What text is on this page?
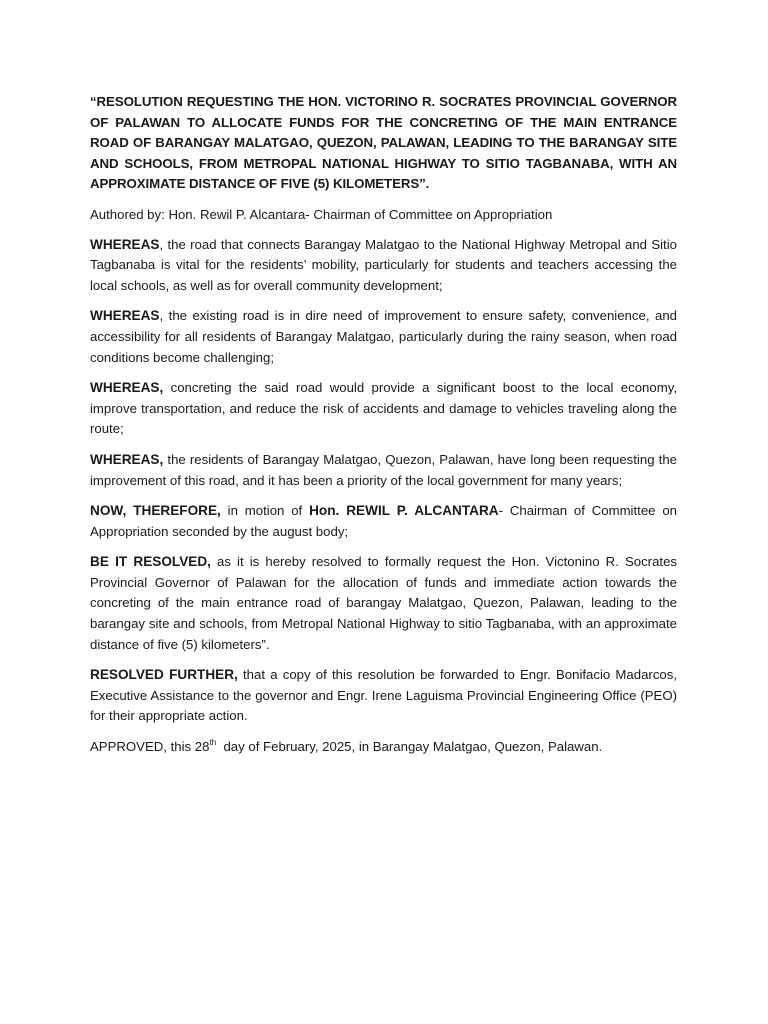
“RESOLUTION REQUESTING THE HON. VICTORINO R. SOCRATES PROVINCIAL GOVERNOR OF PALAWAN TO ALLOCATE FUNDS FOR THE CONCRETING OF THE MAIN ENTRANCE ROAD OF BARANGAY MALATGAO, QUEZON, PALAWAN, LEADING TO THE BARANGAY SITE AND SCHOOLS, FROM METROPAL NATIONAL HIGHWAY TO SITIO TAGBANABA, WITH AN APPROXIMATE DISTANCE OF FIVE (5) KILOMETERS”.

Authored by: Hon. Rewil P. Alcantara- Chairman of Committee on Appropriation

WHEREAS, the road that connects Barangay Malatgao to the National Highway Metropal and Sitio Tagbanaba is vital for the residents’ mobility, particularly for students and teachers accessing the local schools, as well as for overall community development;

WHEREAS, the existing road is in dire need of improvement to ensure safety, convenience, and accessibility for all residents of Barangay Malatgao, particularly during the rainy season, when road conditions become challenging;

WHEREAS, concreting the said road would provide a significant boost to the local economy, improve transportation, and reduce the risk of accidents and damage to vehicles traveling along the route;

WHEREAS, the residents of Barangay Malatgao, Quezon, Palawan, have long been requesting the improvement of this road, and it has been a priority of the local government for many years;

NOW, THEREFORE, in motion of Hon. REWIL P. ALCANTARA- Chairman of Committee on Appropriation seconded by the august body;

BE IT RESOLVED, as it is hereby resolved to formally request the Hon. Victonino R. Socrates Provincial Governor of Palawan for the allocation of funds and immediate action towards the concreting of the main entrance road of barangay Malatgao, Quezon, Palawan, leading to the barangay site and schools, from Metropal National Highway to sitio Tagbanaba, with an approximate distance of five (5) kilometers”.

RESOLVED FURTHER, that a copy of this resolution be forwarded to Engr. Bonifacio Madarcos, Executive Assistance to the governor and Engr. Irene Laguisma Provincial Engineering Office (PEO) for their appropriate action.

APPROVED, this 28th  day of February, 2025, in Barangay Malatgao, Quezon, Palawan.
